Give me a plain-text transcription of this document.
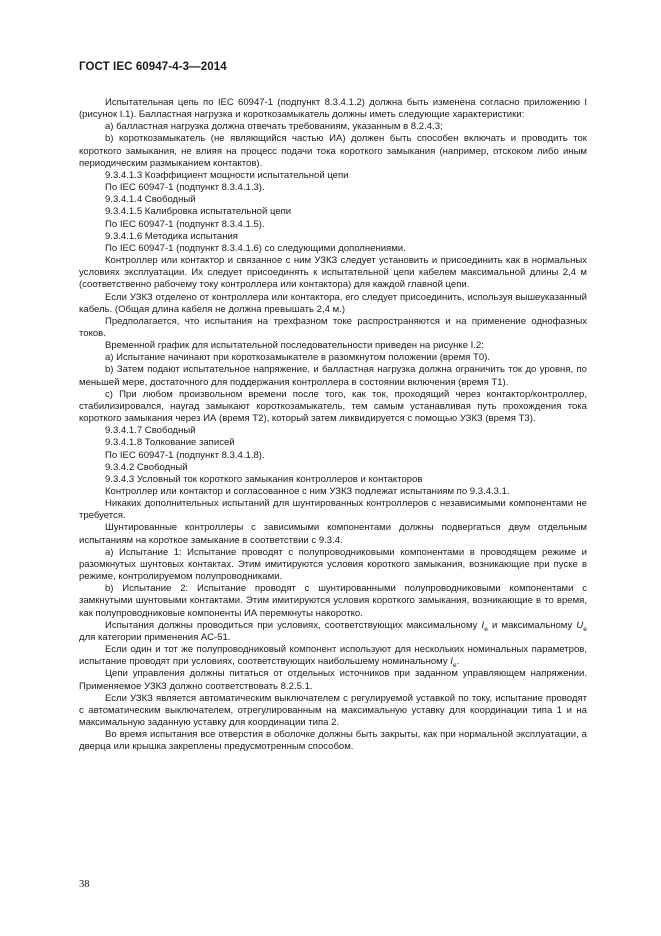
ГОСТ IEC 60947-4-3—2014

Испытательная цепь по IEC 60947-1 (подпункт 8.3.4.1.2) должна быть изменена согласно приложению I (рисунок I.1). Балластная нагрузка и короткозамыкатель должны иметь следующие характеристики:

а) балластная нагрузка должна отвечать требованиям, указанным в 8.2.4.3;

b) короткозамыкатель (не являющийся частью ИА) должен быть способен включать и проводить ток короткого замыкания, не влияя на процесс подачи тока короткого замыкания (например, отскоком либо иным периодическим размыканием контактов).

9.3.4.1.3 Коэффициент мощности испытательной цепи

По IEC 60947-1 (подпункт 8.3.4.1.3).

9.3.4.1.4 Свободный

9.3.4.1.5 Калибровка испытательной цепи

По IEC 60947-1 (подпункт 8.3.4.1.5).

9.3.4.1.6 Методика испытания

По IEC 60947-1 (подпункт 8.3.4.1.6) со следующими дополнениями.

Контроллер или контактор и связанное с ним УЗКЗ следует установить и присоединить как в нормальных условиях эксплуатации. Их следует присоединять к испытательной цепи кабелем максимальной длины 2,4 м (соответственно рабочему току контроллера или контактора) для каждой главной цепи.

Если УЗКЗ отделено от контроллера или контактора, его следует присоединить, используя вышеуказанный кабель. (Общая длина кабеля не должна превышать 2,4 м.)

Предполагается, что испытания на трехфазном токе распространяются и на применение однофазных токов.

Временной график для испытательной последовательности приведен на рисунке I.2:

а) Испытание начинают при короткозамыкателе в разомкнутом положении (время Т0).

b) Затем подают испытательное напряжение, и балластная нагрузка должна ограничить ток до уровня, по меньшей мере, достаточного для поддержания контроллера в состоянии включения (время Т1).

с) При любом произвольном времени после того, как ток, проходящий через контактор/контроллер, стабилизировался, наугад замыкают короткозамыкатель, тем самым устанавливая путь прохождения тока короткого замыкания через ИА (время Т2), который затем ликвидируется с помощью УЗКЗ (время Т3).

9.3.4.1.7 Свободный

9.3.4.1.8 Толкование записей

По IEC 60947-1 (подпункт 8.3.4.1.8).

9.3.4.2 Свободный

9.3.4.3 Условный ток короткого замыкания контроллеров и контакторов

Контроллер или контактор и согласованное с ним УЗКЗ подлежат испытаниям по 9.3.4.3.1.

Никаких дополнительных испытаний для шунтированных контроллеров с независимыми компонентами не требуется.

Шунтированные контроллеры с зависимыми компонентами должны подвергаться двум отдельным испытаниям на короткое замыкание в соответствии с 9.3.4.

а) Испытание 1: Испытание проводят с полупроводниковыми компонентами в проводящем режиме и разомкнутых шунтовых контактах. Этим имитируются условия короткого замыкания, возникающие при пуске в режиме, контролируемом полупроводниками.

b) Испытание 2: Испытание проводят с шунтированными полупроводниковыми компонентами с замкнутыми шунтовыми контактами. Этим имитируются условия короткого замыкания, возникающие в то время, как полупроводниковые компоненты ИА перемкнуты накоротко.

Испытания должны проводиться при условиях, соответствующих максимальному $I_e$ и максимальному $U_e$ для категории применения АС-51.

Если один и тот же полупроводниковый компонент используют для нескольких номинальных параметров, испытание проводят при условиях, соответствующих наибольшему номинальному $I_e$.

Цепи управления должны питаться от отдельных источников при заданном управляющем напряжении. Применяемое УЗКЗ должно соответствовать 8.2.5.1.

Если УЗКЗ является автоматическим выключателем с регулируемой уставкой по току, испытание проводят с автоматическим выключателем, отрегулированным на максимальную уставку для координации типа 1 и на максимальную заданную уставку для координации типа 2.

Во время испытания все отверстия в оболочке должны быть закрыты, как при нормальной эксплуатации, а дверца или крышка закреплены предусмотренным способом.

38
